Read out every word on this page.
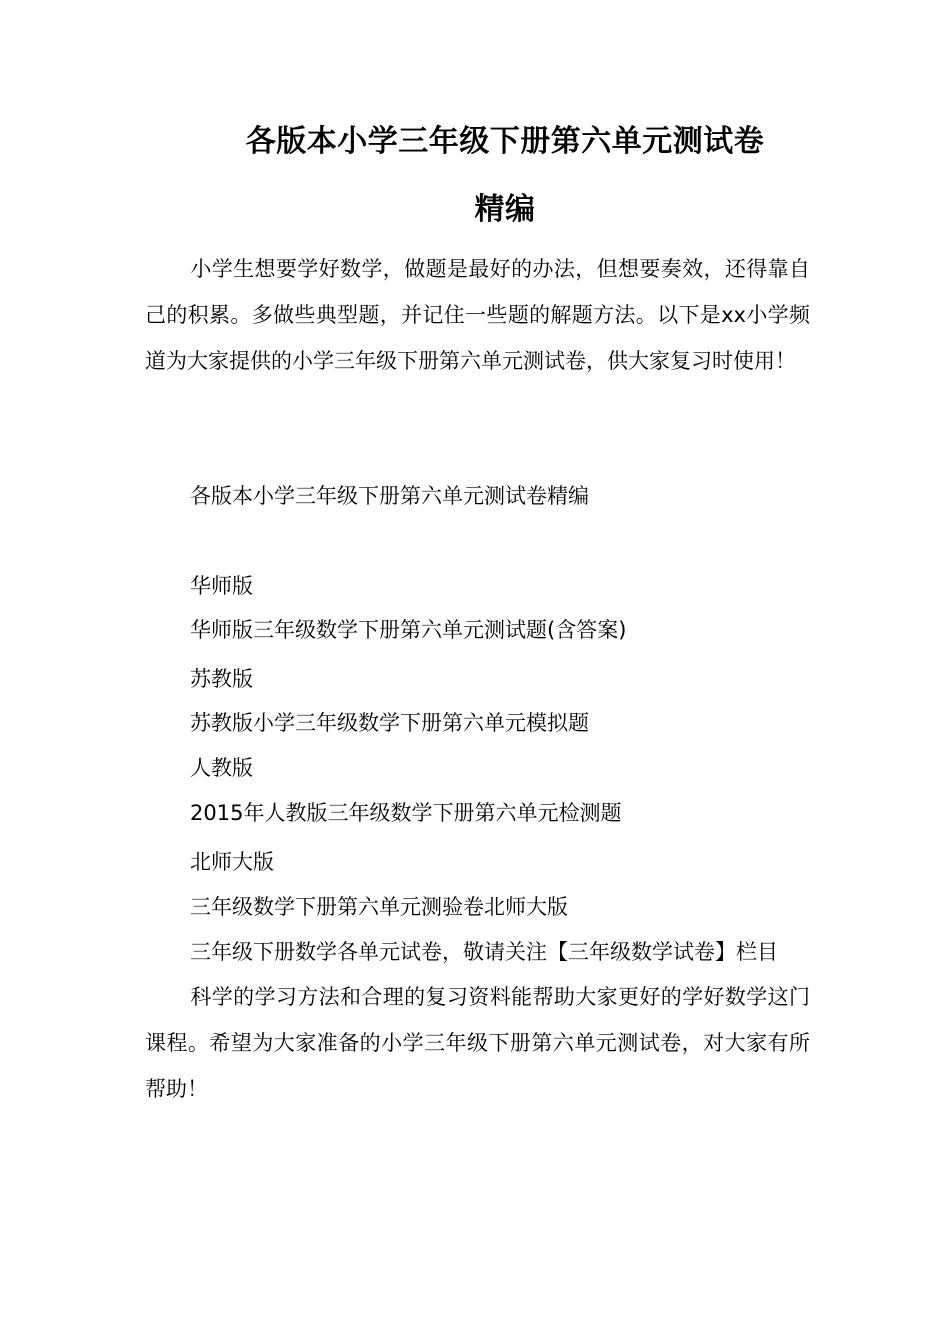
各版本小学三年级下册第六单元测试卷
精编
小学生想要学好数学，做题是最好的办法，但想要奏效，还得靠自己的积累。多做些典型题，并记住一些题的解题方法。以下是xx小学频道为大家提供的小学三年级下册第六单元测试卷，供大家复习时使用！
各版本小学三年级下册第六单元测试卷精编
华师版
华师版三年级数学下册第六单元测试题(含答案)
苏教版
苏教版小学三年级数学下册第六单元模拟题
人教版
2015年人教版三年级数学下册第六单元检测题
北师大版
三年级数学下册第六单元测验卷北师大版
三年级下册数学各单元试卷，敬请关注【三年级数学试卷】栏目
科学的学习方法和合理的复习资料能帮助大家更好的学好数学这门课程。希望为大家准备的小学三年级下册第六单元测试卷，对大家有所帮助！
